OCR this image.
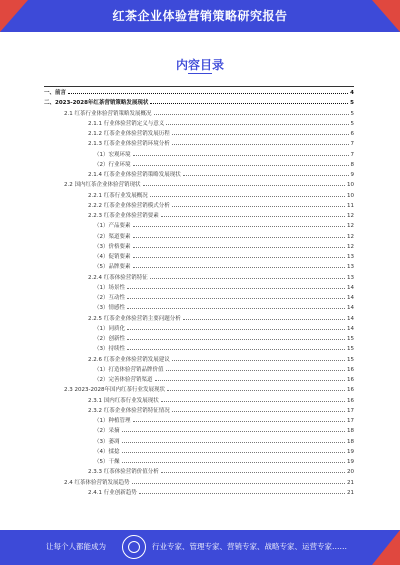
红茶企业体验营销策略研究报告
内容目录
一、前言	4
二、2023-2028年红茶营销策略发展现状	5
2.1 红茶行业体验营销策略发展概况	5
2.1.1 行业体验营销定义与意义	5
2.1.2 红茶企业体验营销发展历程	6
2.1.3 红茶企业体验营销环境分析	7
（1）宏观环境	7
（2）行业环境	8
2.1.4 红茶企业体验营销策略发展现状	9
2.2 国内红茶企业体验营销现状	10
2.2.1 红茶行业发展概况	10
2.2.2 红茶企业体验营销模式分析	11
2.2.3 红茶企业体验营销要素	12
（1）产品要素	12
（2）渠道要素	12
（3）价格要素	12
（4）促销要素	13
（5）品牌要素	13
2.2.4 红茶体验营销特征	13
（1）场景性	14
（2）互动性	14
（3）情感性	14
2.2.5 红茶企业体验营销主要问题分析	14
（1）同质化	14
（2）创新性	15
（3）持续性	15
2.2.6 红茶企业体验营销发展建议	15
（1）打造体验营销品牌价值	16
（2）完善体验营销渠道	16
2.3 2023-2028年国内红茶行业发展现状	16
2.3.1 国内红茶行业发展现状	16
2.3.2 红茶企业体验营销特征情况	17
（1）种植管理	17
（2）采摘	18
（3）萎凋	18
（4）揉捻	19
（5）干燥	19
2.3.3 红茶体验营销价值分析	20
2.4 红茶体验营销发展趋势	21
2.4.1 行业创新趋势	21
让每个人都能成为	行业专家、管理专家、营销专家、战略专家、运营专家……
